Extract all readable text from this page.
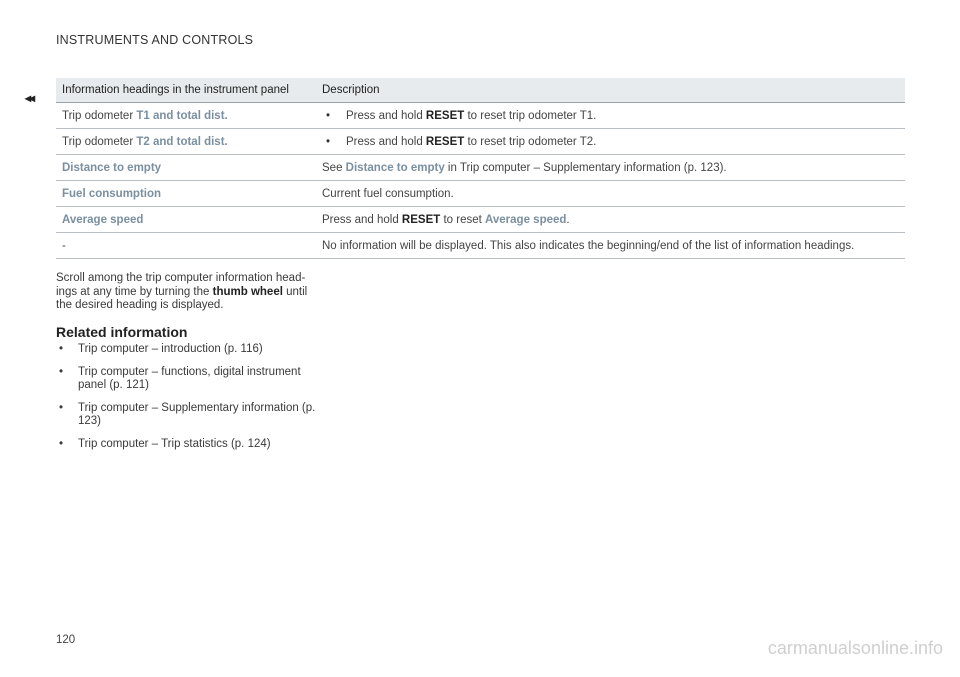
INSTRUMENTS AND CONTROLS
◂◂
Information headings in the instrument panel	Description
Trip odometer T1 and total dist.	• Press and hold RESET to reset trip odometer T1.
Trip odometer T2 and total dist.	• Press and hold RESET to reset trip odometer T2.
Distance to empty	See Distance to empty in Trip computer – Supplementary information (p. 123).
Fuel consumption	Current fuel consumption.
Average speed	Press and hold RESET to reset Average speed.
-	No information will be displayed. This also indicates the beginning/end of the list of information headings.
Scroll among the trip computer information head-ings at any time by turning the thumb wheel until the desired heading is displayed.
Related information
• Trip computer – introduction (p. 116)
• Trip computer – functions, digital instrument panel (p. 121)
• Trip computer – Supplementary information (p. 123)
• Trip computer – Trip statistics (p. 124)
120	carmanualsonline.info
